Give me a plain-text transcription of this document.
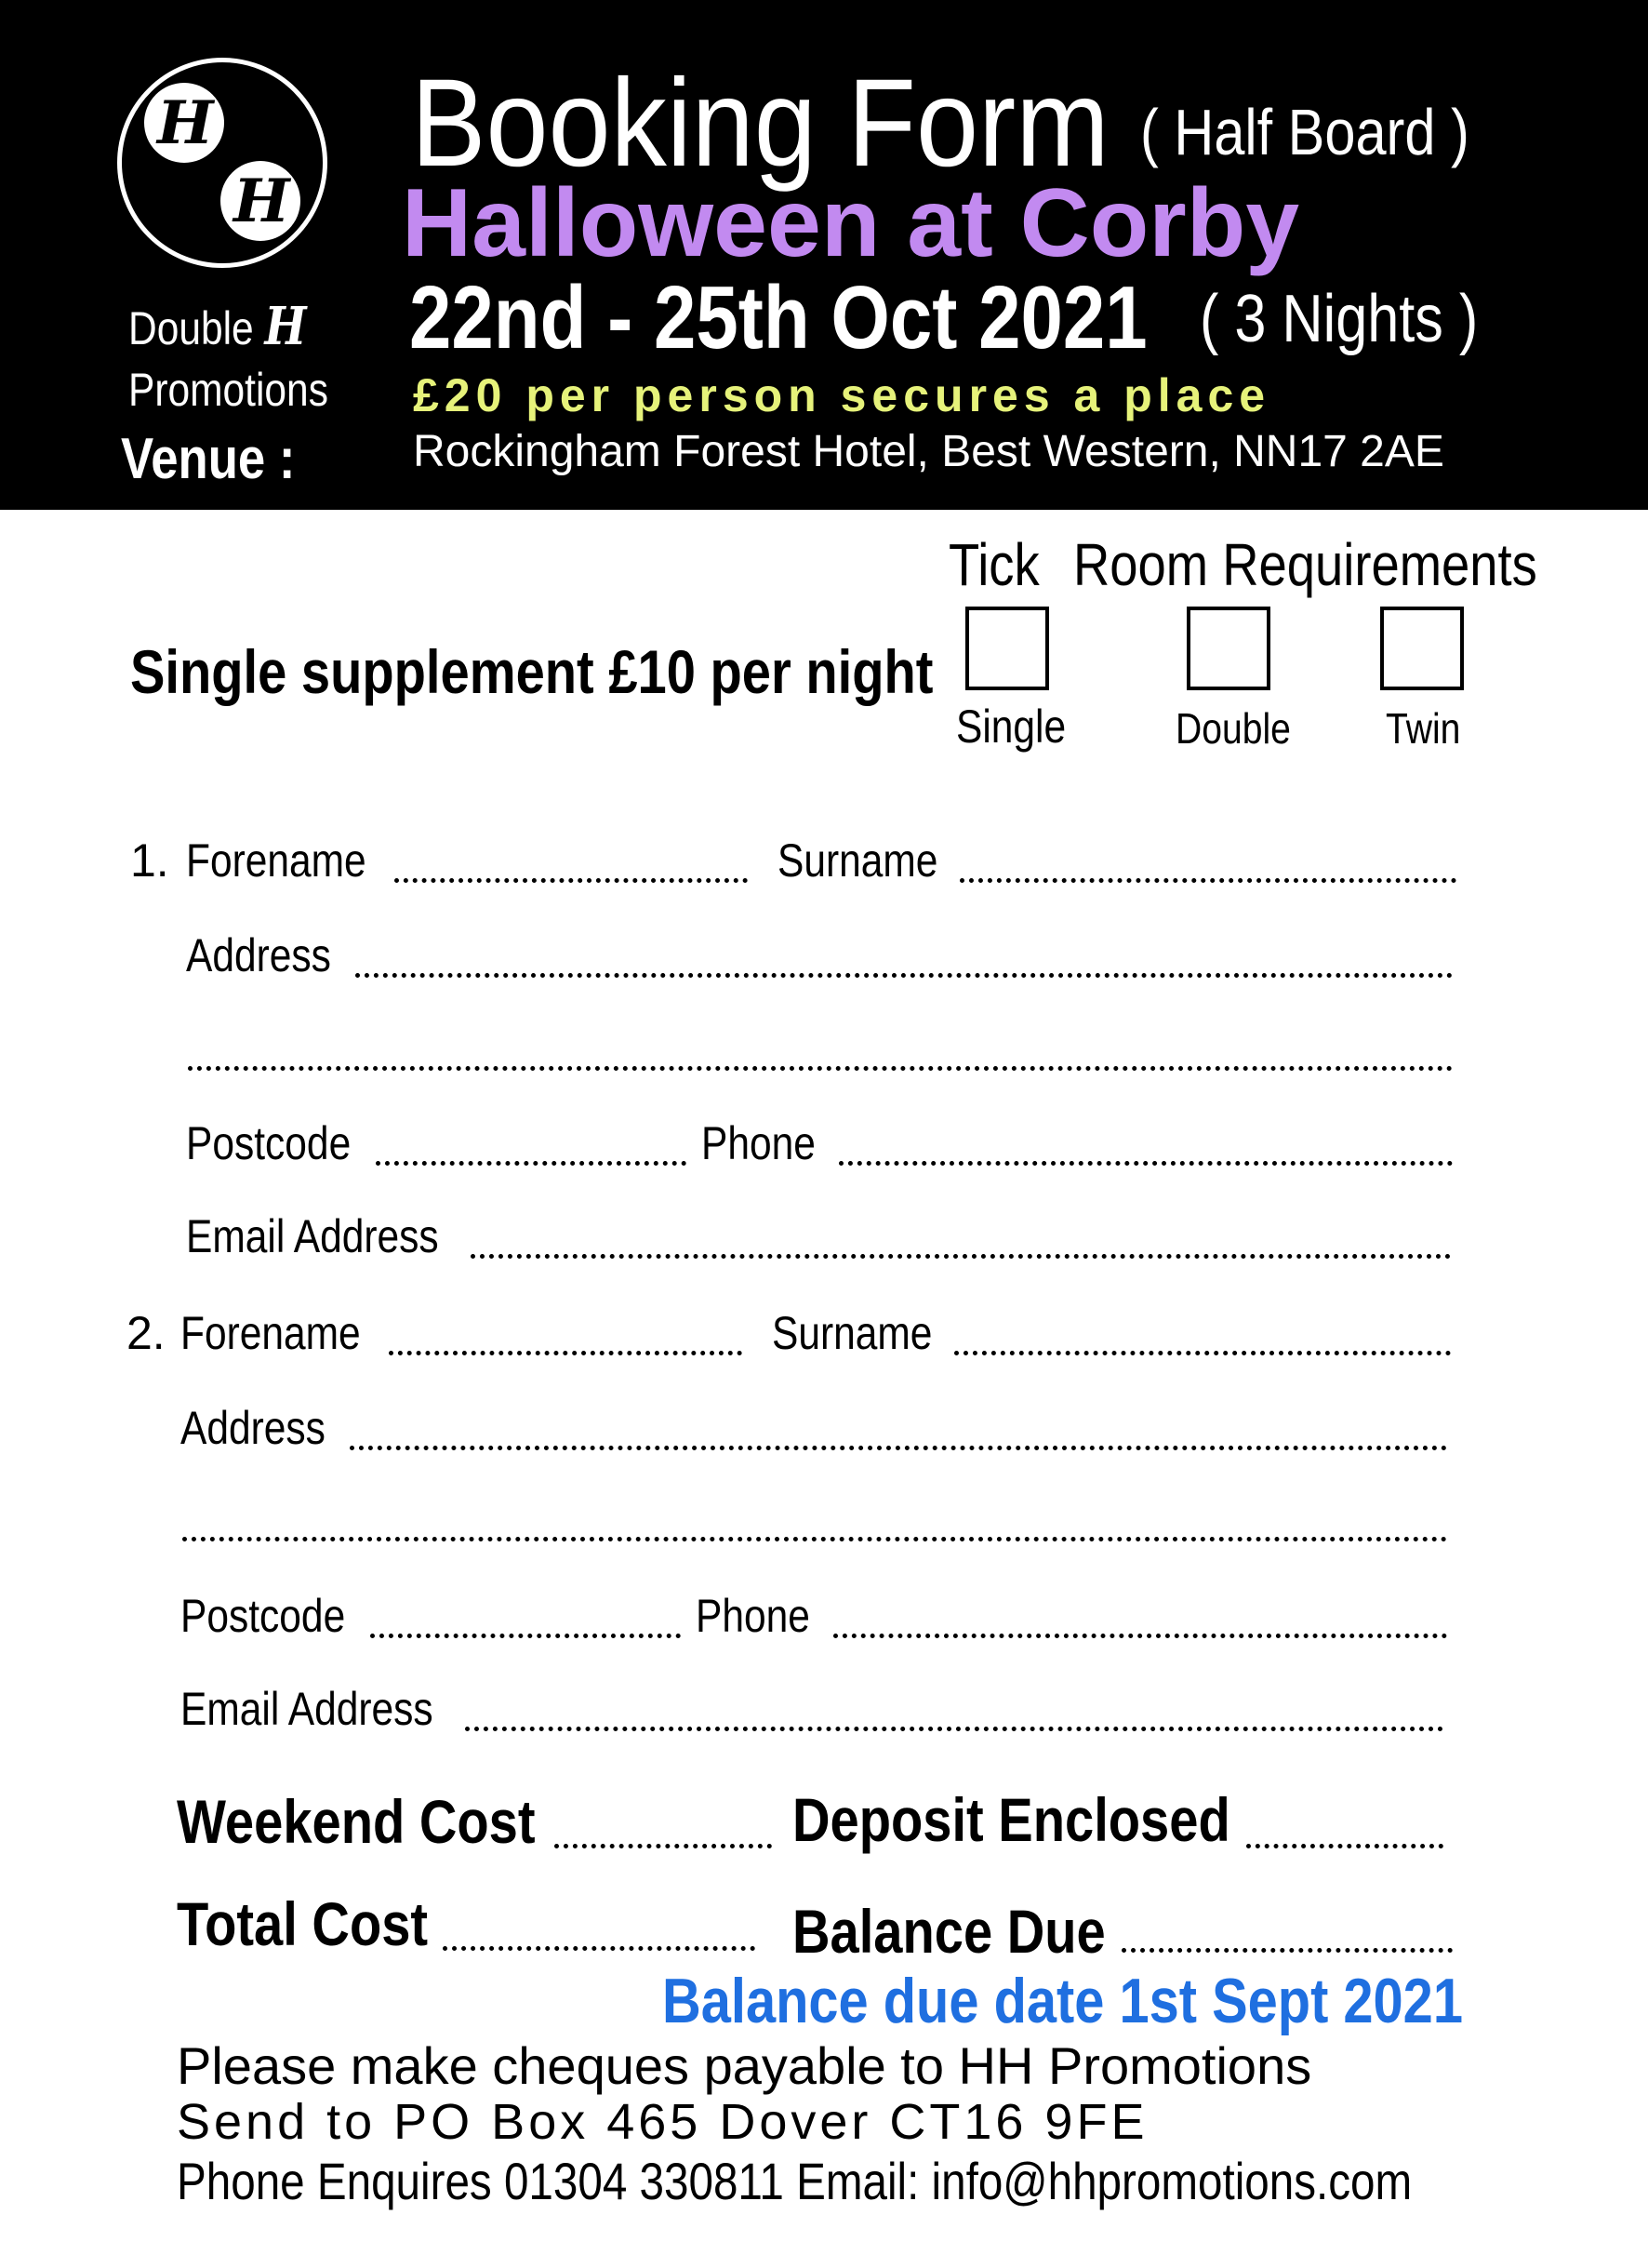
H
H
Double H
Promotions
Venue :
Booking Form ( Half Board )
Halloween at Corby
22nd - 25th Oct 2021 ( 3 Nights )
£20 per person secures a place
Rockingham Forest Hotel, Best Western, NN17 2AE
Tick Room Requirements
Single supplement £10 per night
Single	Double Twin
1. Forename	Surname
Address
Postcode	Phone
Email Address
2. Forename	Surname
Address
Postcode	Phone
Email Address
Weekend Cost	Deposit Enclosed
Total Cost	Balance Due
Balance due date 1st Sept 2021
Please make cheques payable to HH Promotions
Send to PO Box 465 Dover CT16 9FE
Phone Enquires 01304 330811 Email: info@hhpromotions.com
